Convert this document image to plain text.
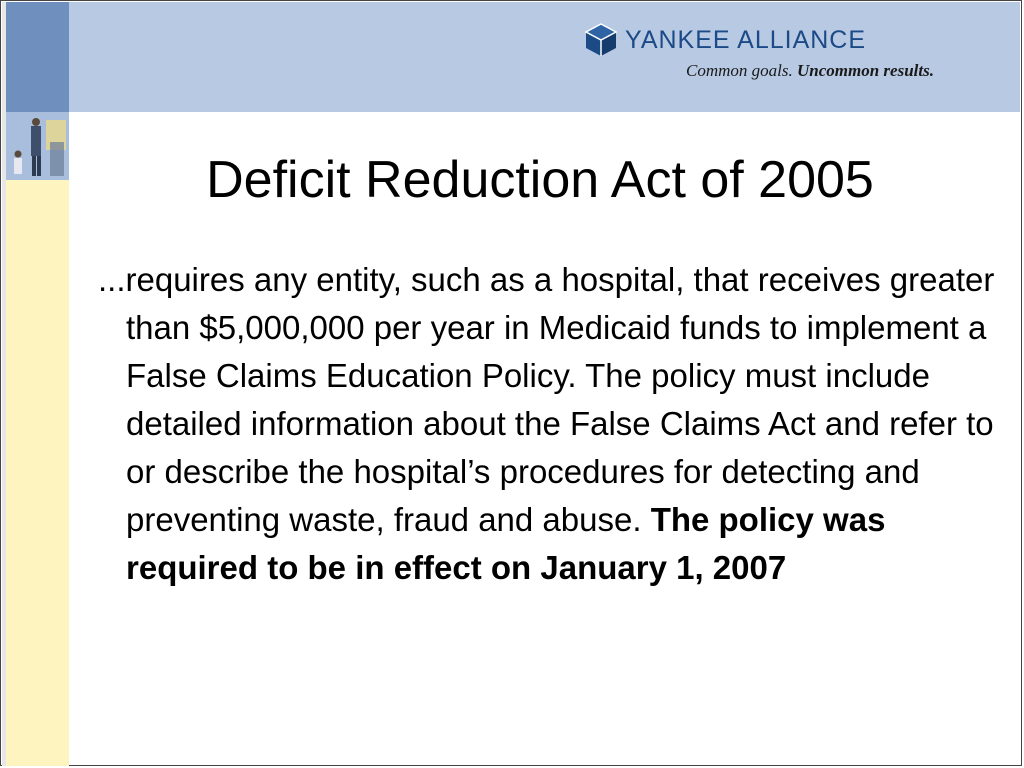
YANKEE ALLIANCE
Common goals. Uncommon results.
Deficit Reduction Act of 2005

...requires any entity, such as a hospital, that receives greater than $5,000,000 per year in Medicaid funds to implement a False Claims Education Policy. The policy must include detailed information about the False Claims Act and refer to or describe the hospital’s procedures for detecting and preventing waste, fraud and abuse. The policy was required to be in effect on January 1, 2007
